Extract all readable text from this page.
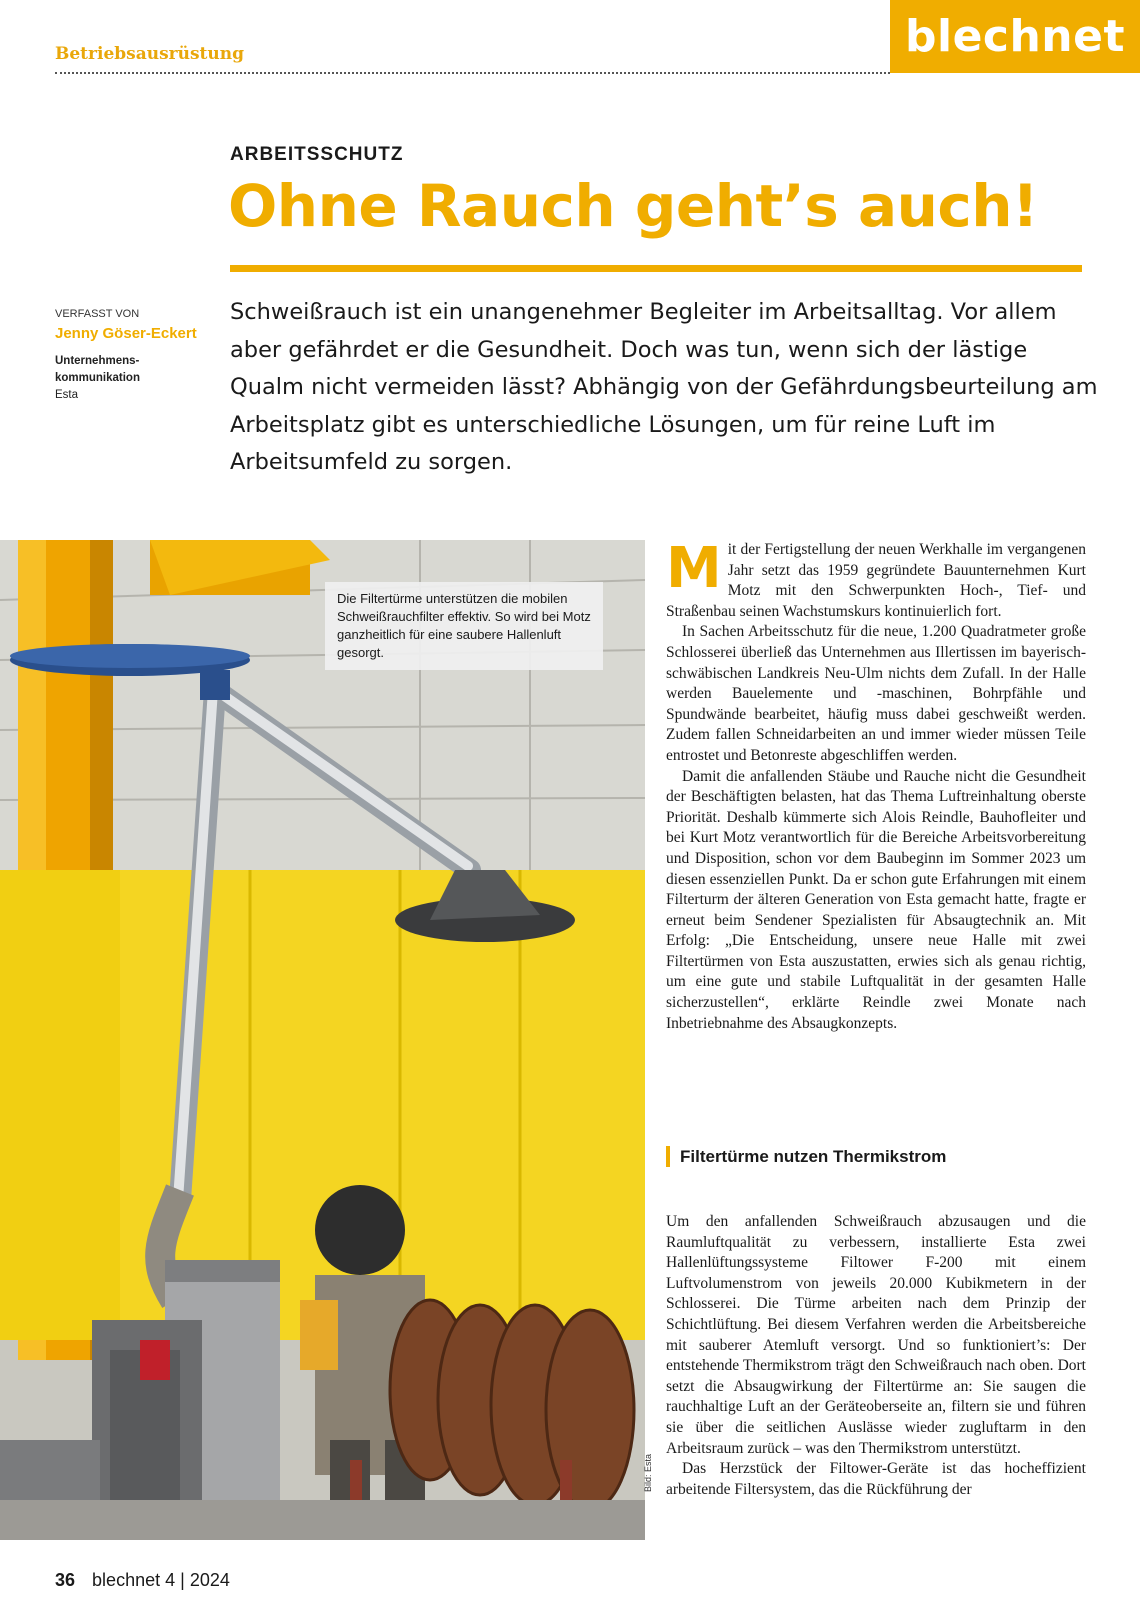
Betriebsausrüstung	blechnet
ARBEITSSCHUTZ
Ohne Rauch geht’s auch!
VERFASST VON
Jenny Göser-Eckert
Unternehmens-kommunikation
Esta

Schweißrauch ist ein unangenehmer Begleiter im Arbeitsalltag. Vor allem aber gefährdet er die Gesundheit. Doch was tun, wenn sich der lästige Qualm nicht vermeiden lässt? Abhängig von der Gefährdungsbeurteilung am Arbeitsplatz gibt es unterschiedliche Lösungen, um für reine Luft im Arbeitsumfeld zu sorgen.

Die Filtertürme unterstützen die mobilen Schweißrauchfilter effektiv. So wird bei Motz ganzheitlich für eine saubere Hallenluft gesorgt.
Bild: Esta

Mit der Fertigstellung der neuen Werkhalle im vergangenen Jahr setzt das 1959 gegründete Bauunternehmen Kurt Motz mit den Schwerpunkten Hoch-, Tief- und Straßenbau seinen Wachstumskurs kontinuierlich fort.

In Sachen Arbeitsschutz für die neue, 1.200 Quadratmeter große Schlosserei überließ das Unternehmen aus Illertissen im bayerisch-schwäbischen Landkreis Neu-Ulm nichts dem Zufall. In der Halle werden Bauelemente und -maschinen, Bohrpfähle und Spundwände bearbeitet, häufig muss dabei geschweißt werden. Zudem fallen Schneidarbeiten an und immer wieder müssen Teile entrostet und Betonreste abgeschliffen werden.

Damit die anfallenden Stäube und Rauche nicht die Gesundheit der Beschäftigten belasten, hat das Thema Luftreinhaltung oberste Priorität. Deshalb kümmerte sich Alois Reindle, Bauhofleiter und bei Kurt Motz verantwortlich für die Bereiche Arbeitsvorbereitung und Disposition, schon vor dem Baubeginn im Sommer 2023 um diesen essenziellen Punkt. Da er schon gute Erfahrungen mit einem Filterturm der älteren Generation von Esta gemacht hatte, fragte er erneut beim Sendener Spezialisten für Absaugtechnik an. Mit Erfolg: „Die Entscheidung, unsere neue Halle mit zwei Filtertürmen von Esta auszustatten, erwies sich als genau richtig, um eine gute und stabile Luftqualität in der gesamten Halle sicherzustellen“, erklärte Reindle zwei Monate nach Inbetriebnahme des Absaugkonzepts.

Filtertürme nutzen Thermikstrom

Um den anfallenden Schweißrauch abzusaugen und die Raumluftqualität zu verbessern, installierte Esta zwei Hallenlüftungssysteme Filtower F-200 mit einem Luftvolumenstrom von jeweils 20.000 Kubikmetern in der Schlosserei. Die Türme arbeiten nach dem Prinzip der Schichtlüftung. Bei diesem Verfahren werden die Arbeitsbereiche mit sauberer Atemluft versorgt. Und so funktioniert’s: Der entstehende Thermikstrom trägt den Schweißrauch nach oben. Dort setzt die Absaugwirkung der Filtertürme an: Sie saugen die rauchhaltige Luft an der Geräteoberseite an, filtern sie und führen sie über die seitlichen Auslässe wieder zugluftarm in den Arbeitsraum zurück – was den Thermikstrom unterstützt.

Das Herzstück der Filtower-Geräte ist das hocheffizient arbeitende Filtersystem, das die Rückführung der

36 blechnet 4 | 2024
